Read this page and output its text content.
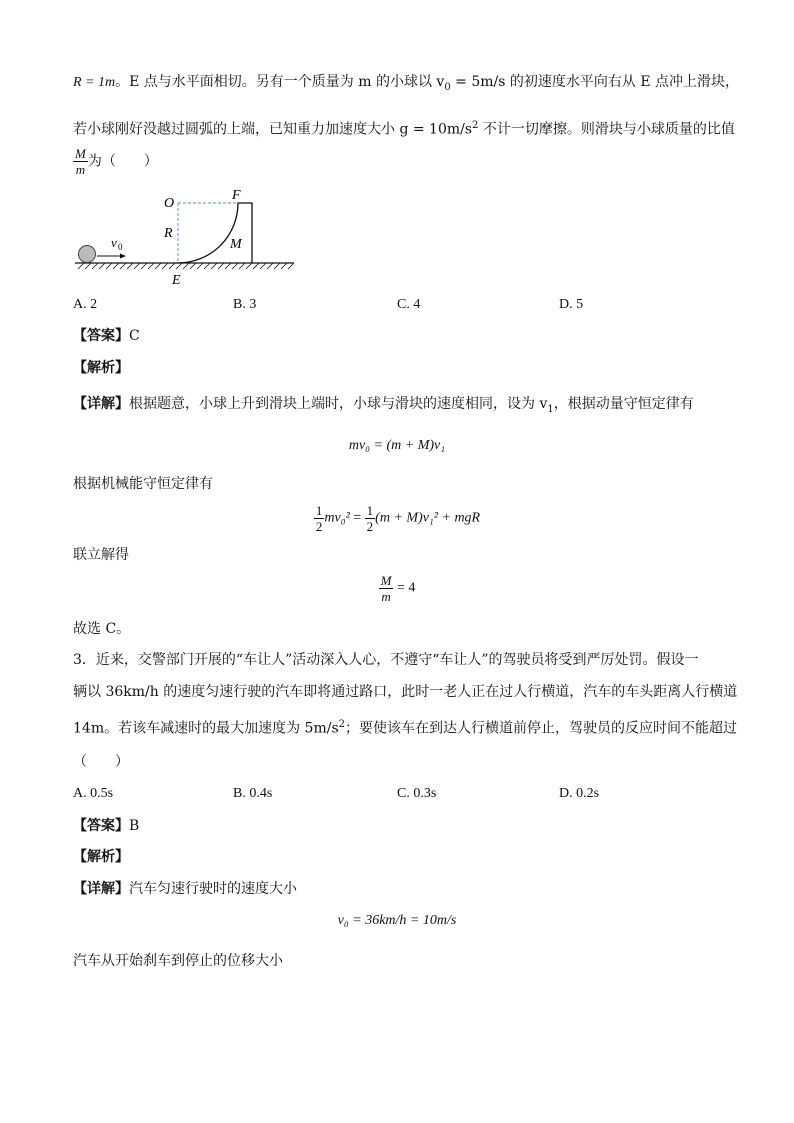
R = 1m。E 点与水平面相切。另有一个质量为 m 的小球以 $v_0 = 5m/s$ 的初速度水平向右从 E 点冲上滑块，
若小球刚好没越过圆弧的上端，已知重力加速度大小 $g = 10m/s^2$ 不计一切摩擦。则滑块与小球质量的比值
$\frac{M}{m}$ 为（　　）
v 0
O
F
R
M
E
A. 2	B. 3	C. 4	D. 5
【答案】C
【解析】
【详解】根据题意，小球上升到滑块上端时，小球与滑块的速度相同，设为 $v_1$，根据动量守恒定律有
mv₀ = (m + M)v₁
根据机械能守恒定律有
$\frac{1}{2} mv_0^2 = \frac{1}{2} (m + M)v_1^2$ + mgR
联立解得
$\frac{M}{m} = 4$
故选 C。
3．近来，交警部门开展的“车让人”活动深入人心，不遵守“车让人”的驾驶员将受到严厉处罚。假设一
辆以 36km/h 的速度匀速行驶的汽车即将通过路口，此时一老人正在过人行横道，汽车的车头距离人行横道
14m。若该车减速时的最大加速度为 $5m/s^2$；要使该车在到达人行横道前停止，驾驶员的反应时间不能超过
（　　）
A. 0.5s	B. 0.4s	C. 0.3s	D. 0.2s
【答案】B
【解析】
【详解】汽车匀速行驶时的速度大小
v₀ = 36km/h = 10m/s
汽车从开始刹车到停止的位移大小
